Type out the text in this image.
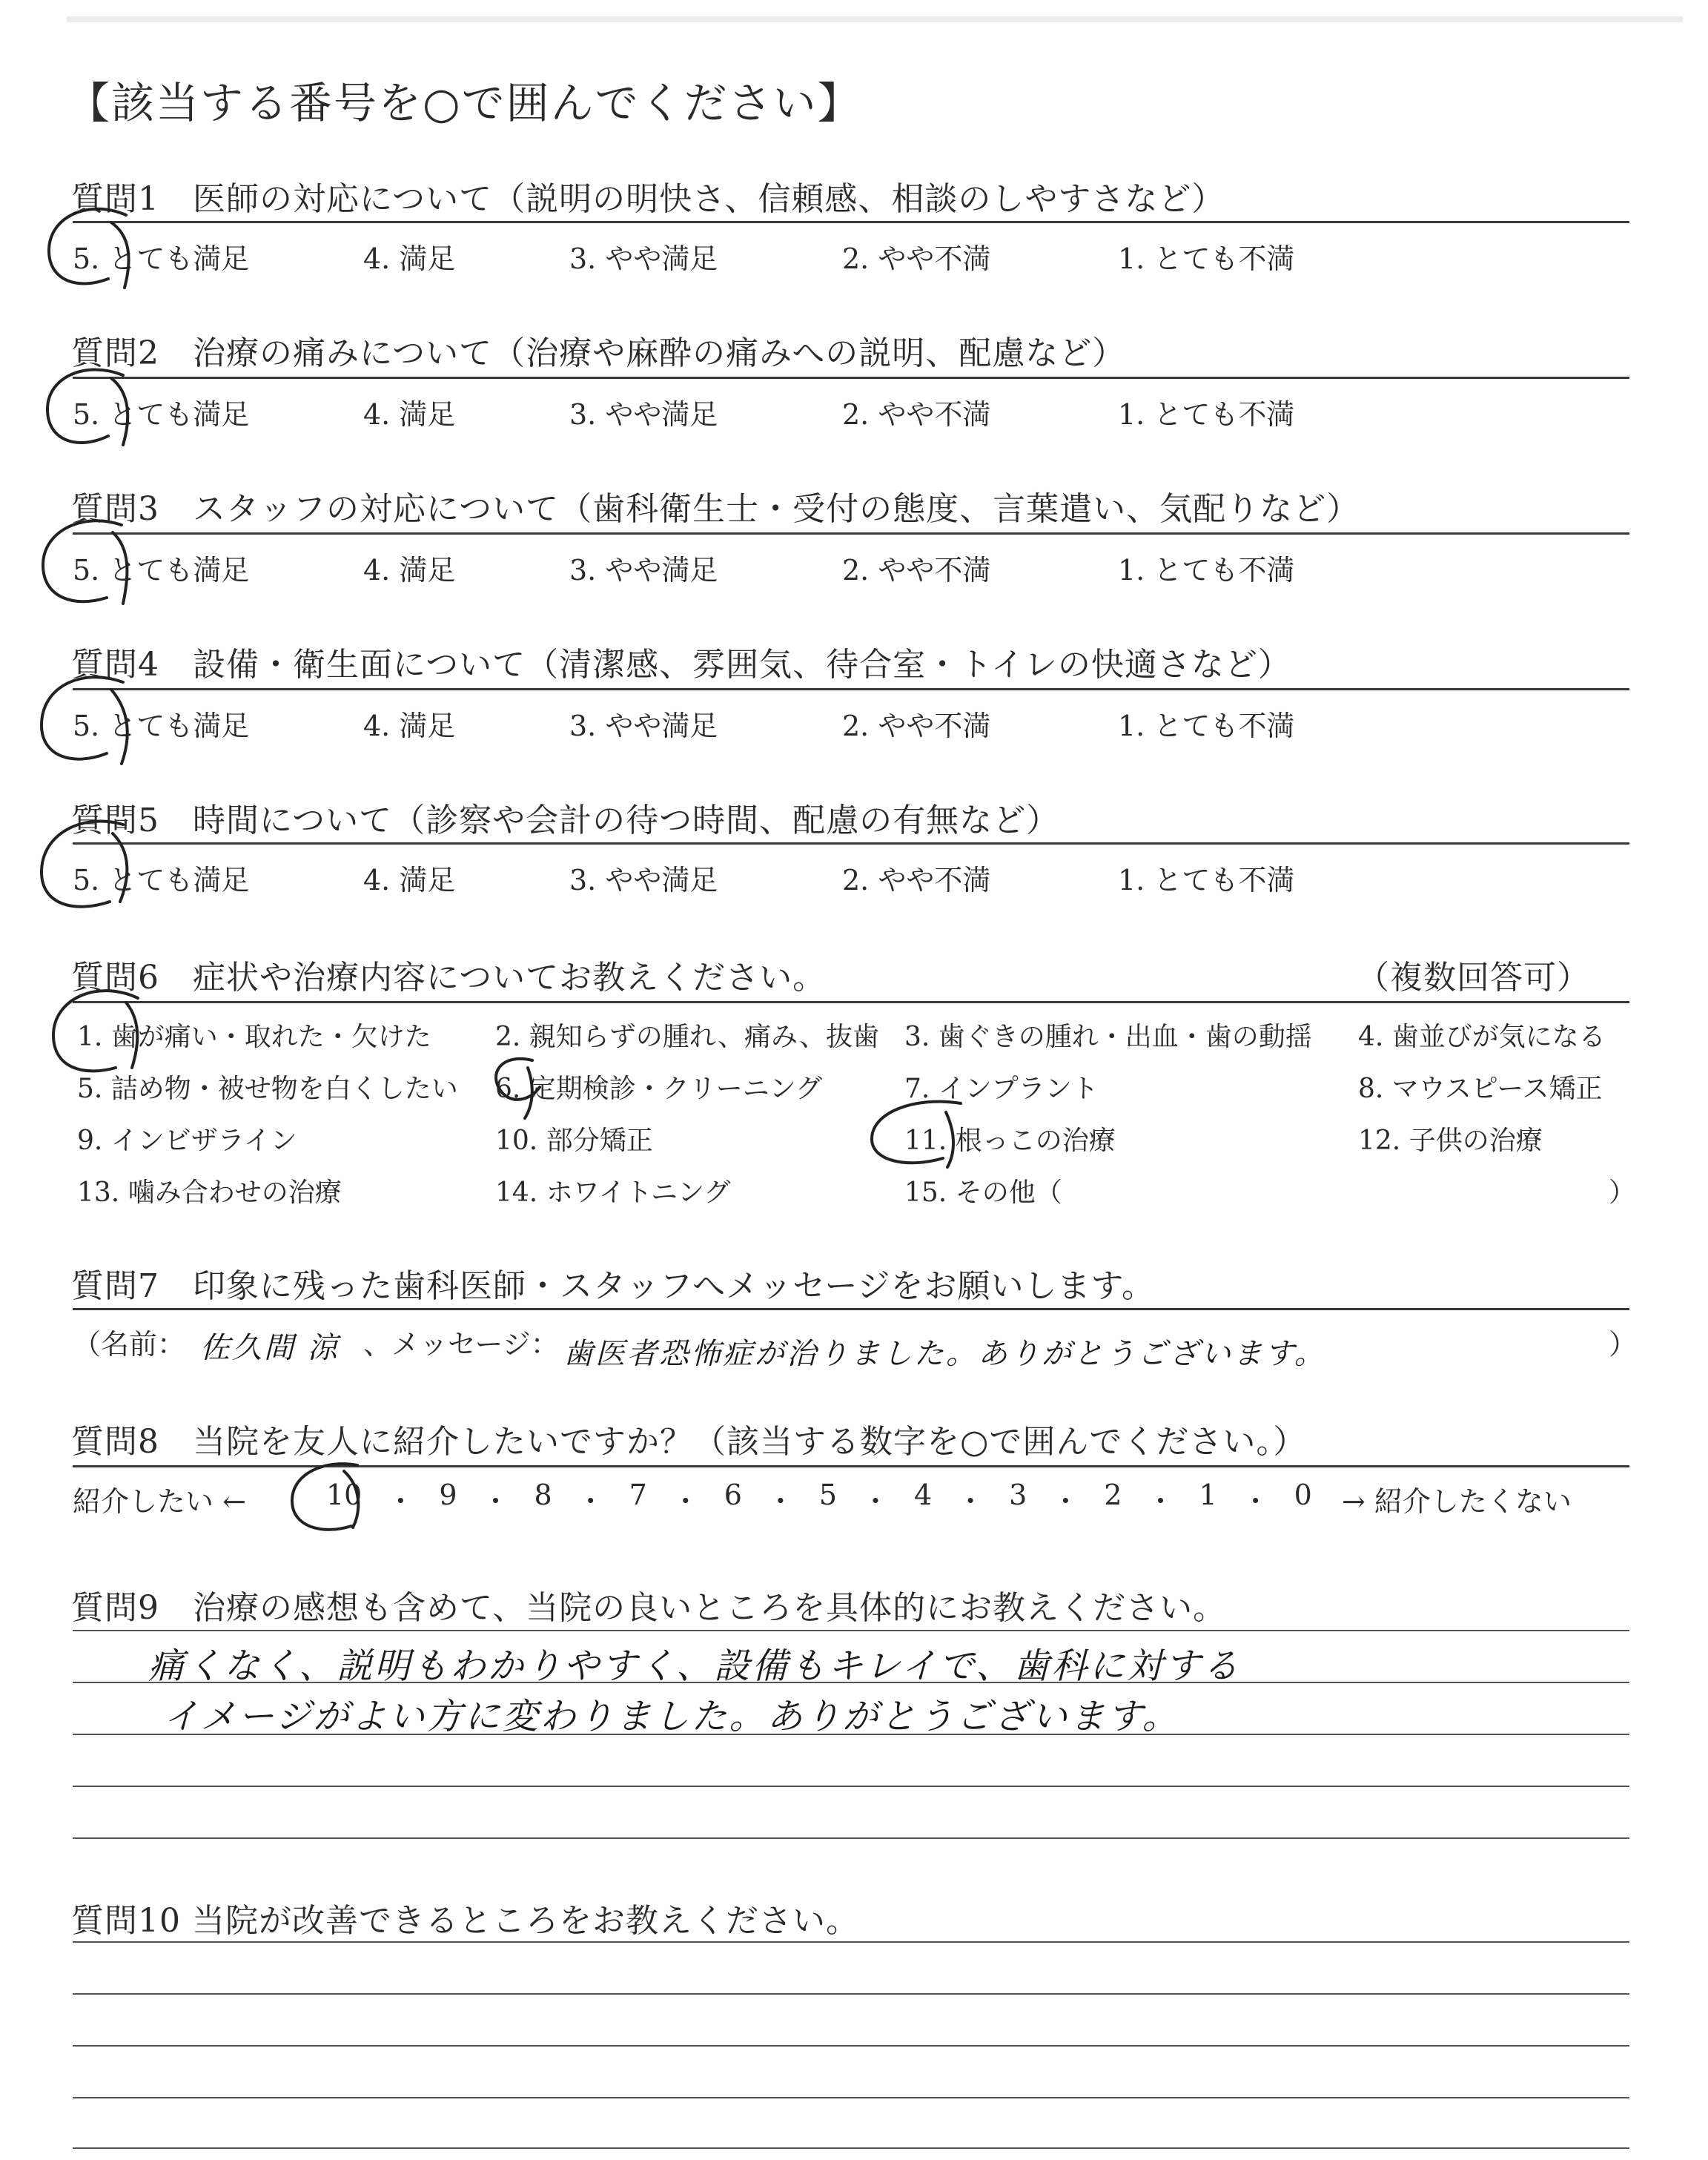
【該当する番号を○で囲んでください】
質問1　医師の対応について（説明の明快さ、信頼感、相談のしやすさなど）
5. とても満足	4. 満足	3. やや満足	2. やや不満	1. とても不満
質問2　治療の痛みについて（治療や麻酔の痛みへの説明、配慮など）
5. とても満足	4. 満足	3. やや満足	2. やや不満	1. とても不満
質問3　スタッフの対応について（歯科衛生士・受付の態度、言葉遣い、気配りなど）
5. とても満足	4. 満足	3. やや満足	2. やや不満	1. とても不満
質問4　設備・衛生面について（清潔感、雰囲気、待合室・トイレの快適さなど）
5. とても満足	4. 満足	3. やや満足	2. やや不満	1. とても不満
質問5　時間について（診察や会計の待つ時間、配慮の有無など）
5. とても満足	4. 満足	3. やや満足	2. やや不満	1. とても不満
質問6　症状や治療内容についてお教えください。	（複数回答可）
1. 歯が痛い・取れた・欠けた 2. 親知らずの腫れ、痛み、抜歯 3. 歯ぐきの腫れ・出血・歯の動揺 4. 歯並びが気になる
5. 詰め物・被せ物を白くしたい 6. 定期検診・クリーニング	7. インプラント	8. マウスピース矯正
9. インビザライン	10. 部分矯正	11. 根っこの治療	12. 子供の治療
13. 噛み合わせの治療	14. ホワイトニング	15. その他（	）
質問7　印象に残った歯科医師・スタッフへメッセージをお願いします。
（名前： 佐久間 涼 、メッセージ： 歯医者恐怖症が治りました。ありがとうございます。	）
質問8　当院を友人に紹介したいですか？（該当する数字を○で囲んでください。）
紹介したい ←	10 ・ 9 ・ 8 ・ 7 ・ 6 ・ 5 ・ 4 ・ 3 ・ 2 ・ 1 ・ 0 → 紹介したくない
質問9　治療の感想も含めて、当院の良いところを具体的にお教えください。
痛くなく、説明もわかりやすく、設備もキレイで、歯科に対する
イメージがよい方に変わりました。ありがとうございます。
質問10 当院が改善できるところをお教えください。
